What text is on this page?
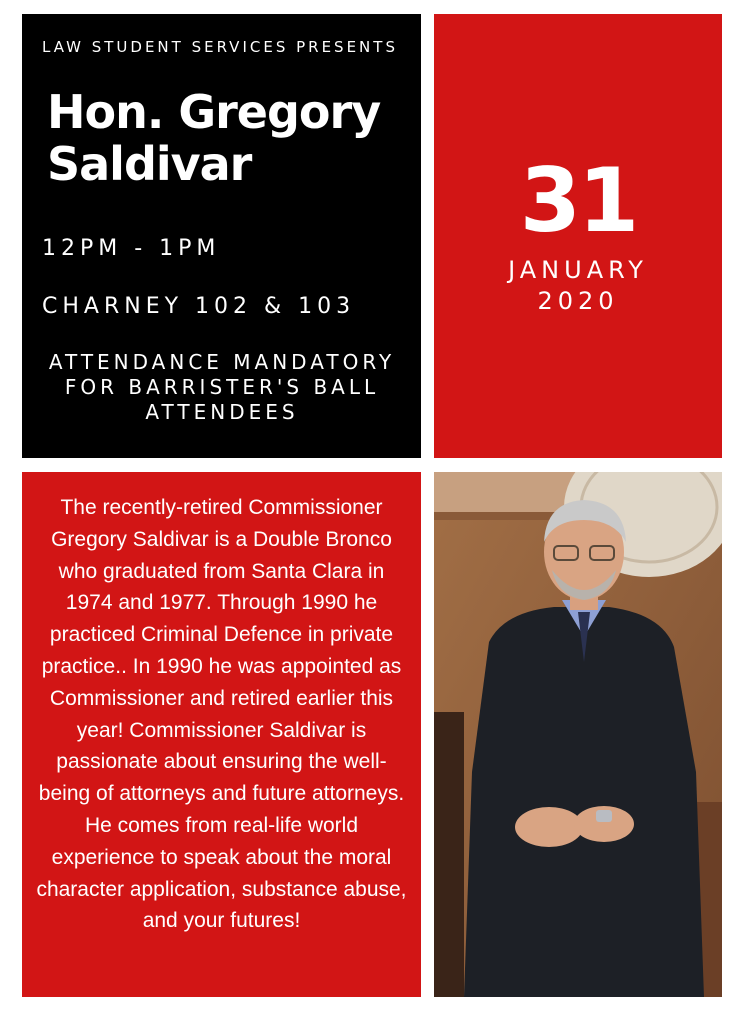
LAW STUDENT SERVICES PRESENTS
Hon. Gregory Saldivar
12PM - 1PM
CHARNEY 102 & 103
ATTENDANCE MANDATORY FOR BARRISTER'S BALL ATTENDEES
31
JANUARY
2020

The recently-retired Commissioner Gregory Saldivar is a Double Bronco who graduated from Santa Clara in 1974 and 1977. Through 1990 he practiced Criminal Defence in private practice.. In 1990 he was appointed as Commissioner and retired earlier this year! Commissioner Saldivar is passionate about ensuring the well-being of attorneys and future attorneys. He comes from real-life world experience to speak about the moral character application, substance abuse, and your futures!
